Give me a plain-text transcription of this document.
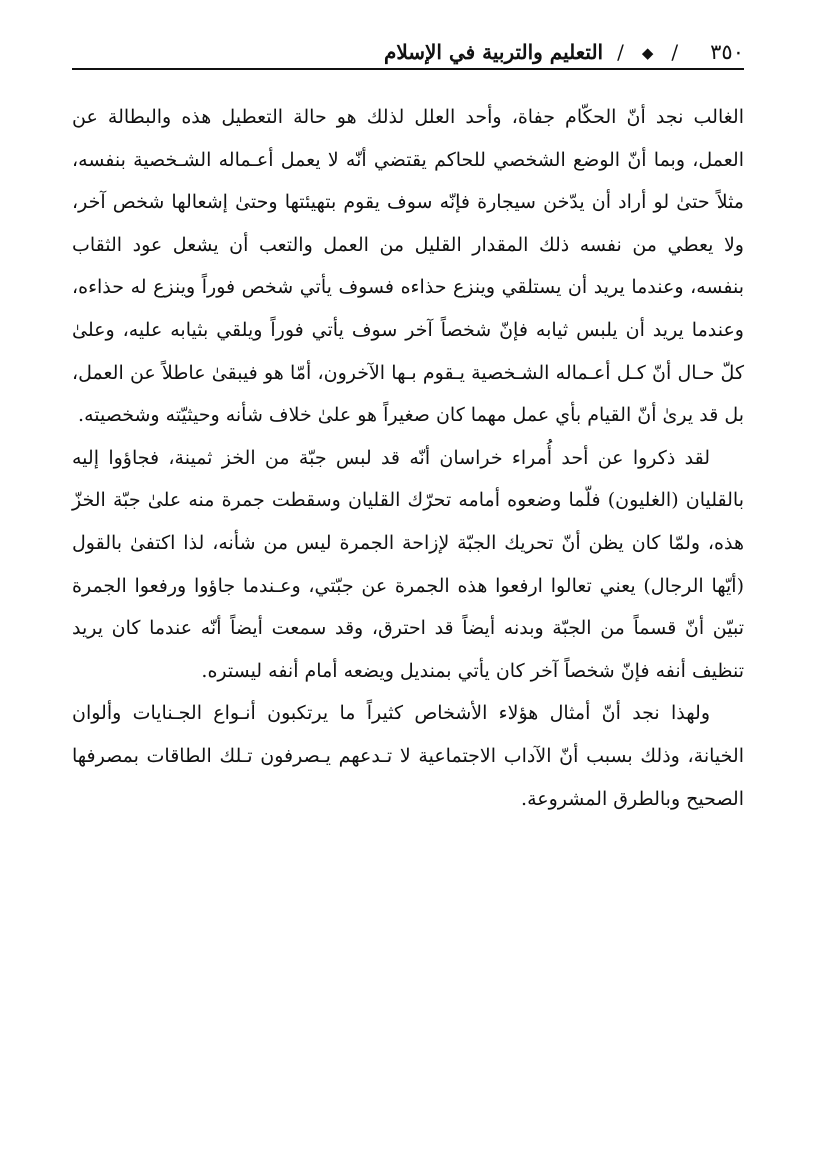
٣٥٠
/
◆
/
التعليم والتربية في الإسلام

الغالب نجد أنّ الحكّام جفاة، وأحد العلل لذلك هو حالة التعطيل هذه والبطالة عن العمل، وبما أنّ الوضع الشخصي للحاكم يقتضي أنّه لا يعمل أعـماله الشـخصية بنفسه، مثلاً حتىٰ لو أراد أن يدّخن سيجارة فإنّه سوف يقوم بتهيئتها وحتىٰ إشعالها شخص آخر، ولا يعطي من نفسه ذلك المقدار القليل من العمل والتعب أن يشعل عود الثقاب بنفسه، وعندما يريد أن يستلقي وينزع حذاءه فسوف يأتي شخص فوراً وينزع له حذاءه، وعندما يريد أن يلبس ثيابه فإنّ شخصاً آخر سوف يأتي فوراً ويلقي بثيابه عليه، وعلىٰ كلّ حـال أنّ كـل أعـماله الشـخصية يـقوم بـها الآخرون، أمّا هو فيبقىٰ عاطلاً عن العمل، بل قد يرىٰ أنّ القيام بأي عمل مهما كان صغيراً هو علىٰ خلاف شأنه وحيثيّته وشخصيته.

لقد ذكروا عن أحد أُمراء خراسان أنّه قد لبس جبّة من الخز ثمينة، فجاؤوا إليه بالقليان (الغليون) فلّما وضعوه أمامه تحرّك القليان وسقطت جمرة منه علىٰ جبّة الخزّ هذه، ولمّا كان يظن أنّ تحريك الجبّة لإزاحة الجمرة ليس من شأنه، لذا اكتفىٰ بالقول (أيّها الرجال) يعني تعالوا ارفعوا هذه الجمرة عن جبّتي، وعـندما جاؤوا ورفعوا الجمرة تبيّن أنّ قسماً من الجبّة وبدنه أيضاً قد احترق، وقد سمعت أيضاً أنّه عندما كان يريد تنظيف أنفه فإنّ شخصاً آخر كان يأتي بمنديل ويضعه أمام أنفه ليستره.

ولهذا نجد أنّ أمثال هؤلاء الأشخاص كثيراً ما يرتكبون أنـواع الجـنايات وألوان الخيانة، وذلك بسبب أنّ الآداب الاجتماعية لا تـدعهم يـصرفون تـلك الطاقات بمصرفها الصحيح وبالطرق المشروعة.
